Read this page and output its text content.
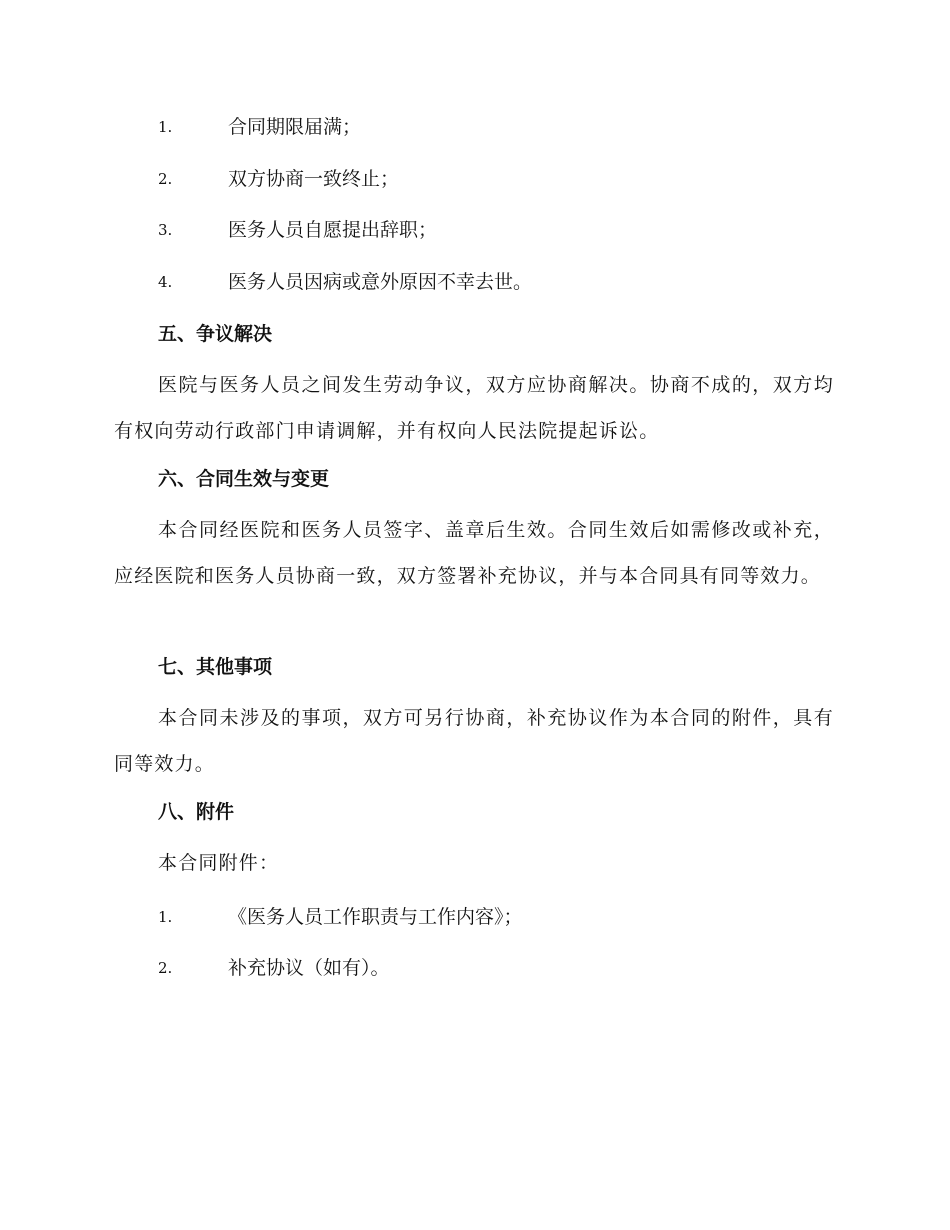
1.	合同期限届满；
2.	双方协商一致终止；
3.	医务人员自愿提出辞职；
4.	医务人员因病或意外原因不幸去世。
五、争议解决

医院与医务人员之间发生劳动争议，双方应协商解决。协商不成的，双方均有权向劳动行政部门申请调解，并有权向人民法院提起诉讼。

六、合同生效与变更

本合同经医院和医务人员签字、盖章后生效。合同生效后如需修改或补充，应经医院和医务人员协商一致，双方签署补充协议，并与本合同具有同等效力。

七、其他事项

本合同未涉及的事项，双方可另行协商，补充协议作为本合同的附件，具有同等效力。

八、附件

本合同附件：

1.	《医务人员工作职责与工作内容》；
2.	补充协议（如有）。
